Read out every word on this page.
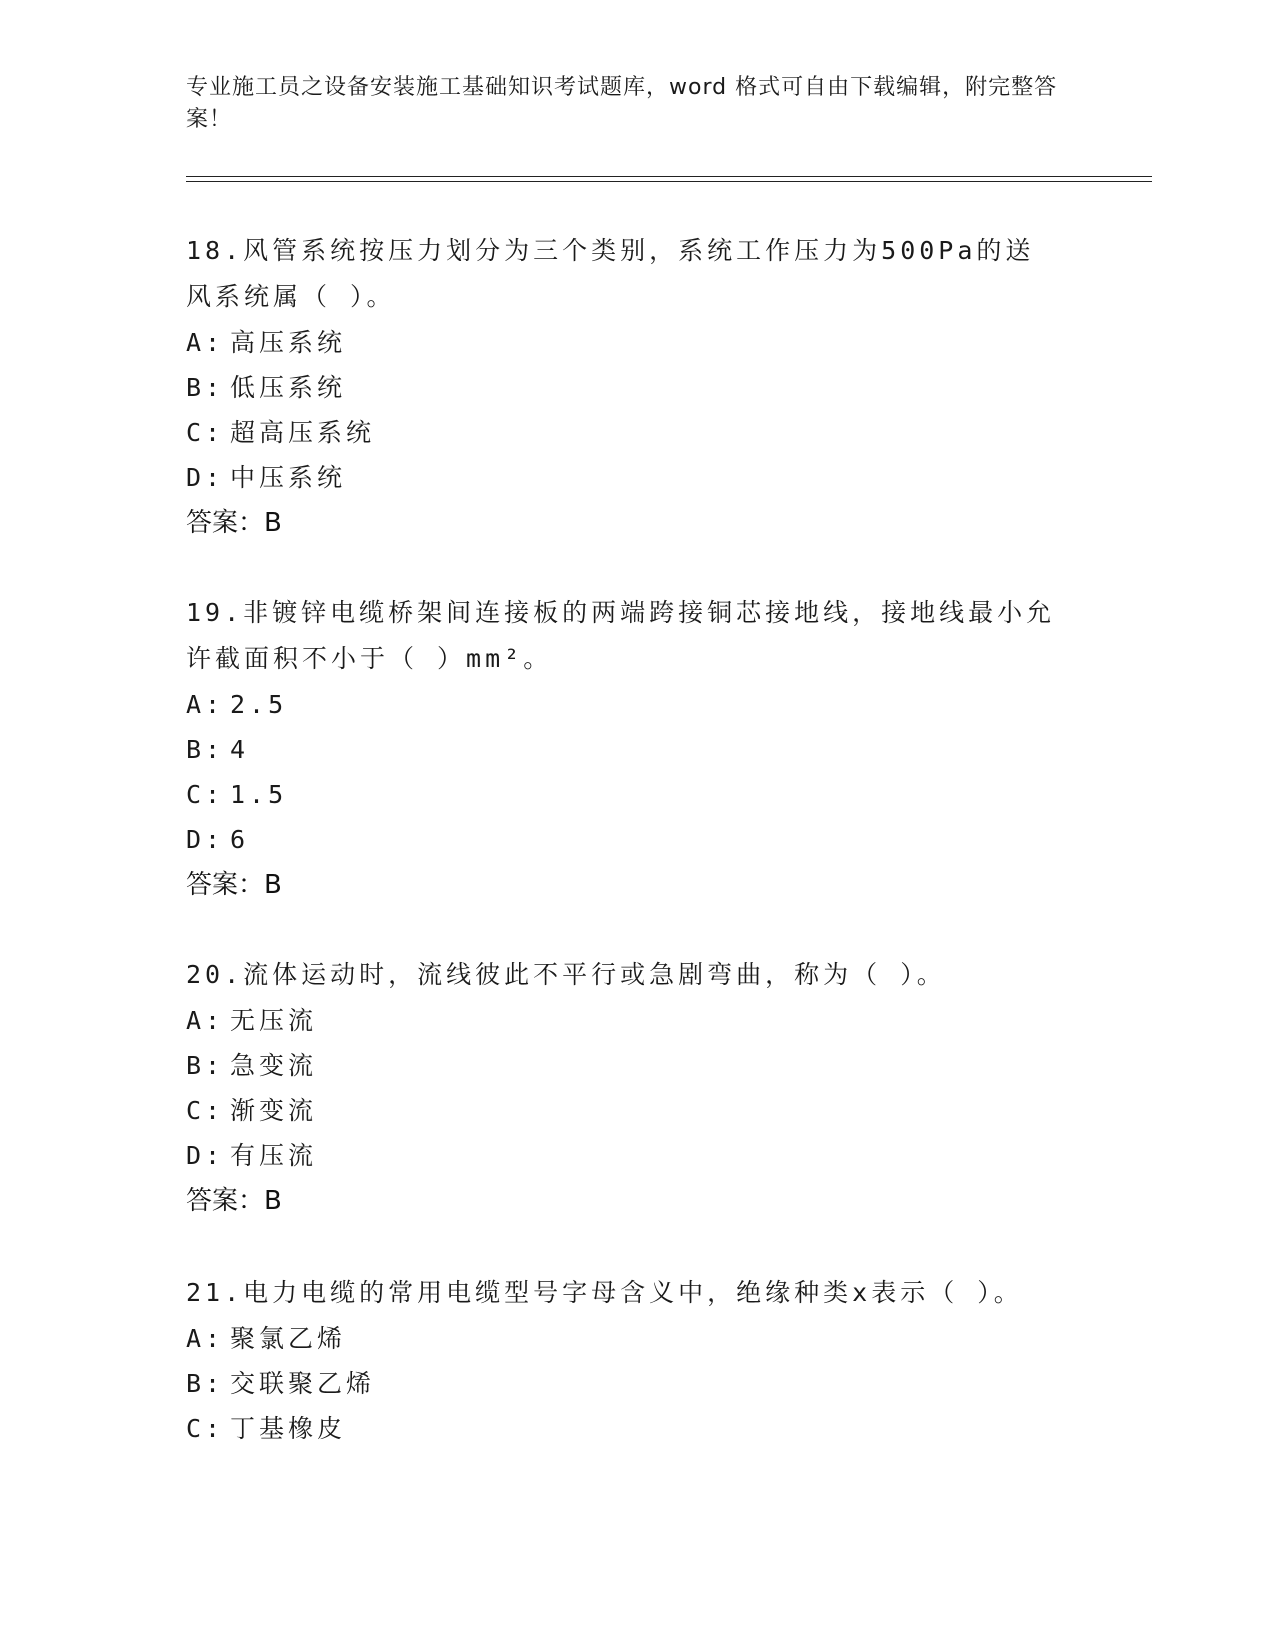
专业施工员之设备安装施工基础知识考试题库，word 格式可自由下载编辑，附完整答案！

18.风管系统按压力划分为三个类别，系统工作压力为500Pa的送风系统属（ ）。

A: 高压系统

B: 低压系统

C: 超高压系统

D: 中压系统

答案：B

19.非镀锌电缆桥架间连接板的两端跨接铜芯接地线，接地线最小允许截面积不小于（ ）mm²。

A: 2.5

B: 4

C: 1.5

D: 6

答案：B

20.流体运动时，流线彼此不平行或急剧弯曲，称为（ ）。

A: 无压流

B: 急变流

C: 渐变流

D: 有压流

答案：B

21.电力电缆的常用电缆型号字母含义中，绝缘种类x表示（ ）。

A: 聚氯乙烯

B: 交联聚乙烯

C: 丁基橡皮
